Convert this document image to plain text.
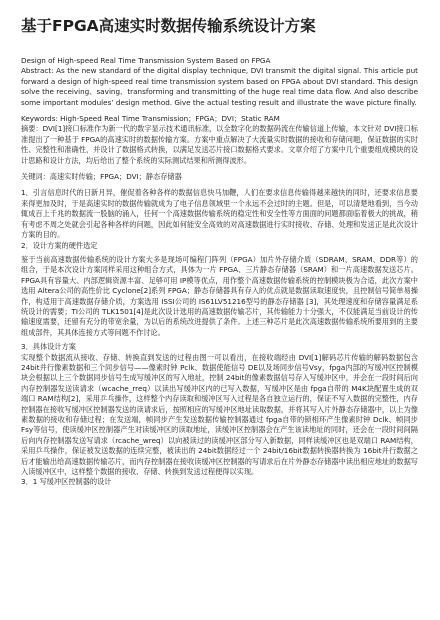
基于FPGA高速实时数据传输系统设计方案

Design of High-speed Real Time Transmission System Based on FPGA

Abstract: As the new standard of the digital display technique, DVI transmit the digital signal. This article put forward a design of high-speed real time transmission system based on FPGA about DVI standard. This design solve the receiving、saving、transforming and transmitting of the huge real time data flow. And also describe some important modules’ design method. Give the actual testing result and illustrate the wave picture finally.

Keywords: High-Speed Real Time Transmission；FPGA；DVI；Static RAM

摘要：DVI[1]接口标准作为新一代的数字显示技术通讯标准，以全数字化的数据码流在传输信道上传输，本文针对 DVI接口标准提出了一种基于 FPGA的高速实时的数据传输方案。方案中重点解决了大流量实时数据的接收和存储问题，保证数据的实时性、完整性和准确性，并设计了数据格式转换，以满足发送芯片接口数据格式要求。文章介绍了方案中几个重要组成模块的设计思路和设计方法，均后给出了整个系统的实际测试结果和所测得波形。

关键词：高速实时传输；FPGA；DVI；静态存储器

1．引言信息时代的日新月异，催促着各种各样的数据信息快马加鞭，人们在要求信息传输得越来越快的同时，还要求信息要来得更加及时，于是高速实时的数据传输就成为了电子信息领域里一个永远不会过时的主题。但是，可以清楚地看到，当今动辄成百上千兆的数据流一股脑的涌入，任何一个高速数据传输系统的稳定性和安全性等方面面的问题都面临着极大的挑战，稍有考虑不周之处就会引起各种各样的问题，因此如何能安全高效的对高速数据进行实时接收、存储、处理和发送正是此次设计方案的目的。

2．设计方案的硬件选定

鉴于当前高速数据传输系统的设计方案大多是现场可编程门阵列（FPGA）加片外存储介质（SDRAM、SRAM、DDR等）的组合，于是本次设计方案同样采用这种组合方式，具体为一片 FPGA、三片静态存储器（SRAM）和一片高速数据发送芯片。FPGA具有容量大、内部逻辑资源丰富、足够可用 IP模等优点，用作整个高速数据传输系统的控制模块极为合适，此次方案中选用 Altera公司的高性价比 Cyclone[2]系列 FPGA；静态存储器具有存入的优点就是数据读取速度快，且控制信号简单易操作，构适用于高速数据存储介质，方案选用 ISSI公司的 IS61LV51216型号的静态存储器 [3]，其处理速度和存储容量满足系统设计的需要；TI公司的 TLK1501[4]是此次设计选用的高速数据传输芯片，其传输能力十分强大，不仅能满足当前设计的传输速度需要，还留有充分的带宽余量，为以后的系统改进提供了条件。上述三种芯片是此次高速数据传输系统所要用到的主要组成部件，其具体连接方式等问题不作讨论。

3．具体设计方案

实现整个数据流从接收、存储、转换直到发送的过程由图一可以看出，在接收端经由 DVI[1]解码芯片传输的解码数据包含 24bit并行像素数据和三个同步信号——像素时钟 Pclk、数据使能信号 DE以及场同步信号Vsy，fpga内部的写缓冲区控制模块会根据以上三个数据同步信号生成写缓冲区的写入地址，控制 24bit的像素数据信号存入写缓冲区中，并会在一段时间后向内存控制器发送读请求（wcache_rreq）以读出写缓冲区内的已写入数据，写缓冲区是由 fpga自带的 M4K块配置生成的双端口 RAM结构[2]，采用乒乓操作，这样整个内存读取和缓冲区写入过程是各自独立运行的，保证不写入数据的完整性，内存控制器在接收写缓冲区控制器发送的读请求后，按照相应的写缓冲区地址读取数据，并将其写入片外静态存储器中，以上为像素数据的接收和存储过程；在发送端，帧同步产生发送数据传输控制器通过 fpga自带的锁相环产生像素时钟 Dclk、帧同步 Fsy等信号，使读缓冲区控制器产生对读缓冲区的读取地址，读缓冲区控制器会在产生该读地址的同时，还会在一段时间间隔后向内存控制器发送写请求（rcache_wreq）以向被读过的读缓冲区部分写入新数据，同样读缓冲区也是双端口 RAM结构，采用乒乓操作，保证被发送数据的连续完整，被读出的 24bit数据经过一个 24bit/16bit数据转换器转换为 16bit并行数据之后才能输出给高速数据传输芯片，而内存控制器在接收读缓冲区控制器的写请求后在片外静态存储器中读出相应地址的数据写入读缓冲区中，这样整个数据的接收、存储、转换到发送过程便得以实现。

3．1 写缓冲区控制器的设计
